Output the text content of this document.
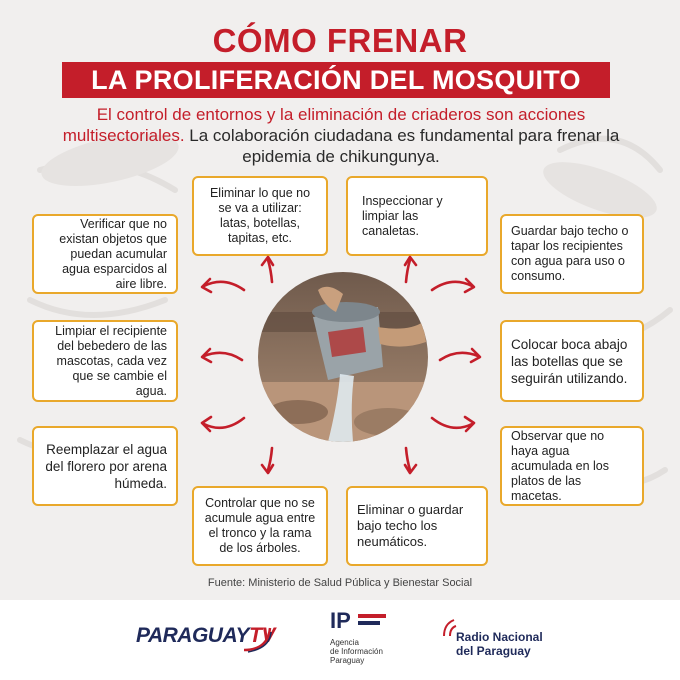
CÓMO FRENAR
LA PROLIFERACIÓN DEL MOSQUITO
El control de entornos y la eliminación de criaderos son acciones multisectoriales. La colaboración ciudadana es fundamental para frenar la epidemia de chikungunya.
Eliminar lo que no se va a utilizar: latas, botellas, tapitas, etc.
Inspeccionar y limpiar las canaletas.
Verificar que no existan objetos que puedan acumular agua esparcidos al aire libre.
Limpiar el recipiente del bebedero de las mascotas, cada vez que se cambie el agua.
Reemplazar el agua del florero por arena húmeda.
Controlar que no se acumule agua entre el tronco y la rama de los árboles.
Eliminar o guardar bajo techo los neumáticos.
Guardar bajo techo o tapar los recipientes con agua para uso o consumo.
Colocar boca abajo las botellas que se seguirán utilizando.
Observar que no haya agua acumulada en los platos de las macetas.
Fuente: Ministerio de Salud Pública y Bienestar Social
PARAGUAYTV
IP
Agencia
de Información
Paraguay
Radio Nacional
del Paraguay
